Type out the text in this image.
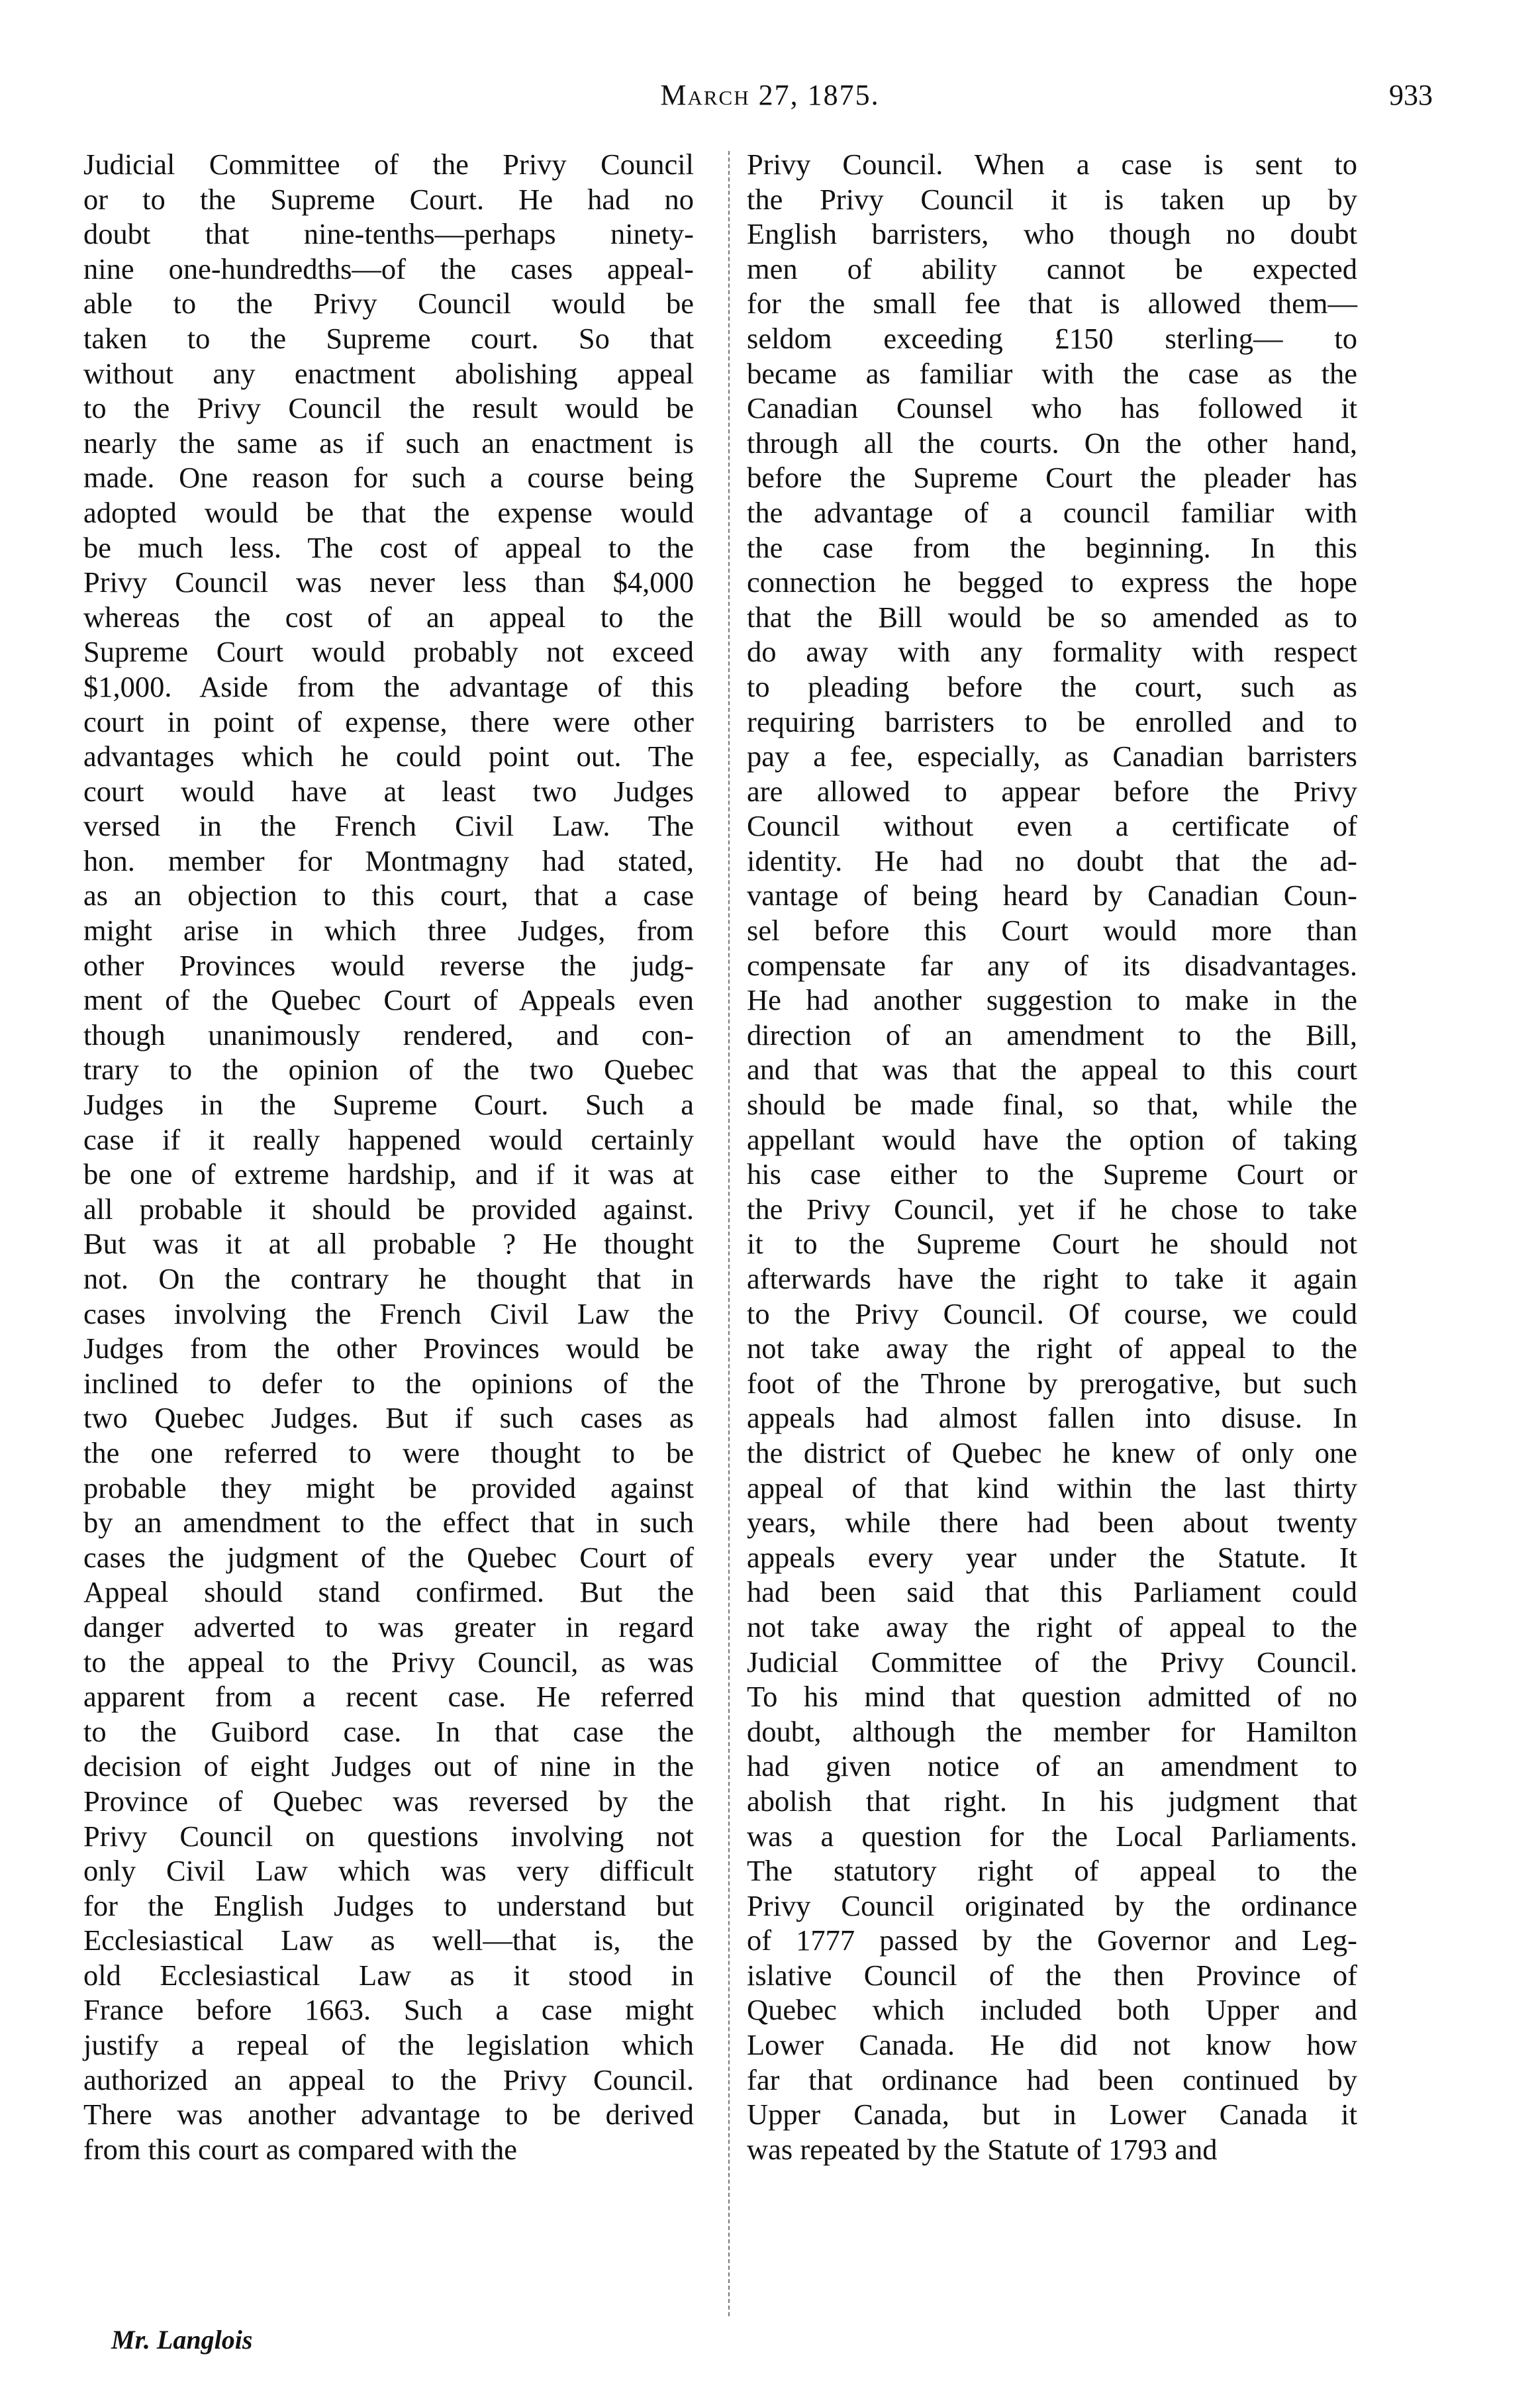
March 27, 1875.	933
Judicial Committee of the Privy Council
or to the Supreme Court. He had no
doubt that nine-tenths—perhaps ninety-
nine one-hundredths—of the cases appeal-
able to the Privy Council would be
taken to the Supreme court. So that
without any enactment abolishing appeal
to the Privy Council the result would be
nearly the same as if such an enactment is
made. One reason for such a course being
adopted would be that the expense would
be much less. The cost of appeal to the
Privy Council was never less than $4,000
whereas the cost of an appeal to the
Supreme Court would probably not exceed
$1,000. Aside from the advantage of this
court in point of expense, there were other
advantages which he could point out. The
court would have at least two Judges
versed in the French Civil Law. The
hon. member for Montmagny had stated,
as an objection to this court, that a case
might arise in which three Judges, from
other Provinces would reverse the judg-
ment of the Quebec Court of Appeals even
though unanimously rendered, and con-
trary to the opinion of the two Quebec
Judges in the Supreme Court. Such a
case if it really happened would certainly
be one of extreme hardship, and if it was at
all probable it should be provided against.
But was it at all probable ? He thought
not. On the contrary he thought that in
cases involving the French Civil Law the
Judges from the other Provinces would be
inclined to defer to the opinions of the
two Quebec Judges. But if such cases as
the one referred to were thought to be
probable they might be provided against
by an amendment to the effect that in such
cases the judgment of the Quebec Court of
Appeal should stand confirmed. But the
danger adverted to was greater in regard
to the appeal to the Privy Council, as was
apparent from a recent case. He referred
to the Guibord case. In that case the
decision of eight Judges out of nine in the
Province of Quebec was reversed by the
Privy Council on questions involving not
only Civil Law which was very difficult
for the English Judges to understand but
Ecclesiastical Law as well—that is, the
old Ecclesiastical Law as it stood in
France before 1663. Such a case might
justify a repeal of the legislation which
authorized an appeal to the Privy Council.
There was another advantage to be derived
from this court as compared with the
Privy Council. When a case is sent to
the Privy Council it is taken up by
English barristers, who though no doubt
men of ability cannot be expected
for the small fee that is allowed them—
seldom exceeding £150 sterling— to
became as familiar with the case as the
Canadian Counsel who has followed it
through all the courts. On the other hand,
before the Supreme Court the pleader has
the advantage of a council familiar with
the case from the beginning. In this
connection he begged to express the hope
that the Bill would be so amended as to
do away with any formality with respect
to pleading before the court, such as
requiring barristers to be enrolled and to
pay a fee, especially, as Canadian barristers
are allowed to appear before the Privy
Council without even a certificate of
identity. He had no doubt that the ad-
vantage of being heard by Canadian Coun-
sel before this Court would more than
compensate far any of its disadvantages.
He had another suggestion to make in the
direction of an amendment to the Bill,
and that was that the appeal to this court
should be made final, so that, while the
appellant would have the option of taking
his case either to the Supreme Court or
the Privy Council, yet if he chose to take
it to the Supreme Court he should not
afterwards have the right to take it again
to the Privy Council. Of course, we could
not take away the right of appeal to the
foot of the Throne by prerogative, but such
appeals had almost fallen into disuse. In
the district of Quebec he knew of only one
appeal of that kind within the last thirty
years, while there had been about twenty
appeals every year under the Statute. It
had been said that this Parliament could
not take away the right of appeal to the
Judicial Committee of the Privy Council.
To his mind that question admitted of no
doubt, although the member for Hamilton
had given notice of an amendment to
abolish that right. In his judgment that
was a question for the Local Parliaments.
The statutory right of appeal to the
Privy Council originated by the ordinance
of 1777 passed by the Governor and Leg-
islative Council of the then Province of
Quebec which included both Upper and
Lower Canada. He did not know how
far that ordinance had been continued by
Upper Canada, but in Lower Canada it
was repeated by the Statute of 1793 and
Mr. Langlois
